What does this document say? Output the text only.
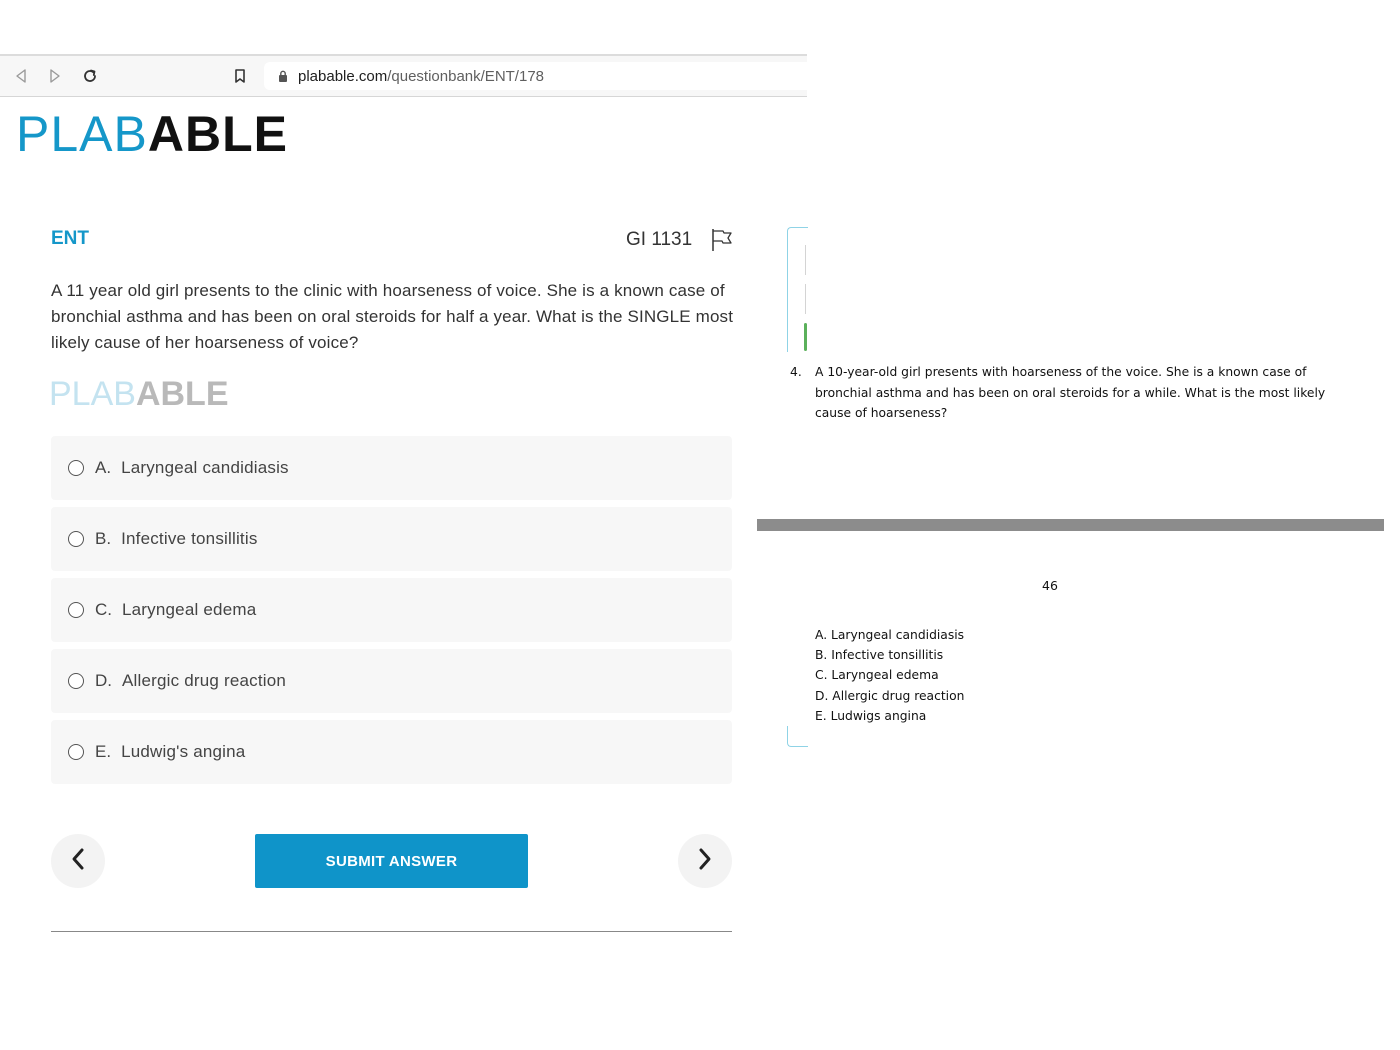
plabable.com /questionbank/ENT/178
PLABABLE
ENT	GI 1131
A 11 year old girl presents to the clinic with hoarseness of voice. She is a known case of bronchial asthma and has been on oral steroids for half a year. What is the SINGLE most likely cause of her hoarseness of voice?
PLABABLE
A. Laryngeal candidiasis
B. Infective tonsillitis
C. Laryngeal edema
D. Allergic drug reaction
E. Ludwig's angina
SUBMIT ANSWER
4. A 10-year-old girl presents with hoarseness of the voice. She is a known case of bronchial asthma and has been on oral steroids for a while. What is the most likely cause of hoarseness?
46
A. Laryngeal candidiasis
B. Infective tonsillitis
C. Laryngeal edema
D. Allergic drug reaction
E. Ludwigs angina
